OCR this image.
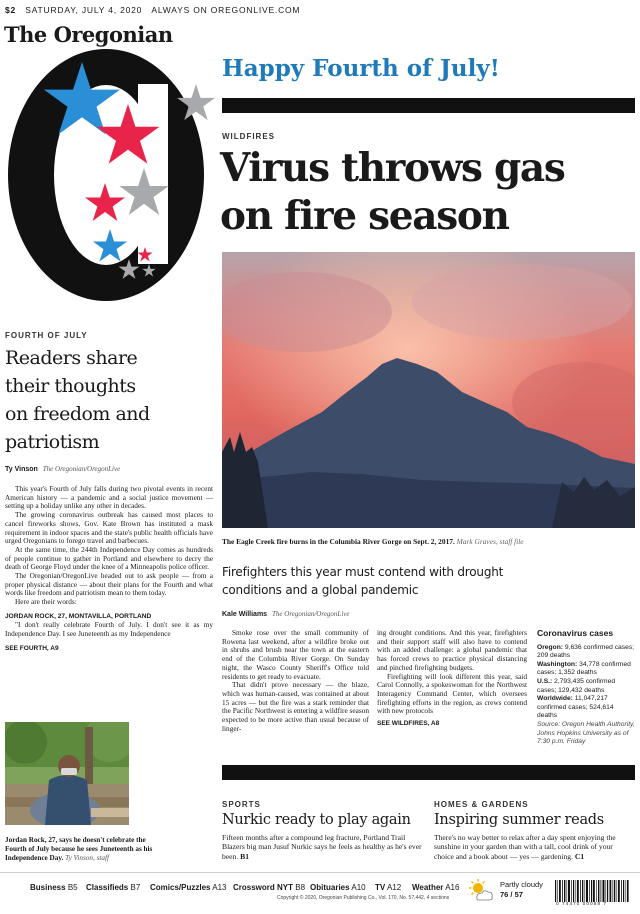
$2 SATURDAY, JULY 4, 2020 ALWAYS ON OREGONLIVE.COM
The Oregonian
Happy Fourth of July!
WILDFIRES
Virus throws gas
on fire season
The Eagle Creek fire burns in the Columbia River Gorge on Sept. 2, 2017. Mark Graves, staff file
Firefighters this year must contend with drought
conditions and a global pandemic
Kale Williams The Oregonian/OregonLive

Smoke rose over the small community of Rowena last weekend, after a wildfire broke out in shrubs and brush near the town at the eastern end of the Columbia River Gorge. On Sunday night, the Wasco County Sheriff's Office told residents to get ready to evacuate.

That didn't prove necessary — the blaze, which was human-caused, was contained at about 15 acres — but the fire was a stark reminder that the Pacific Northwest is entering a wildfire season expected to be more active than usual because of linger-

ing drought conditions. And this year, firefighters and their support staff will also have to contend with an added challenge: a global pandemic that has forced crews to practice physical distancing and pinched firefighting budgets.

Firefighting will look different this year, said Carol Connolly, a spokeswoman for the Northwest Interagency Command Center, which oversees firefighting efforts in the region, as crews contend with new protocols

SEE WILDFIRES, A8
Coronavirus cases
Oregon: 9,636 confirmed cases; 209 deaths
Washington: 34,778 confirmed cases; 1,352 deaths
U.S.: 2,793,435 confirmed cases; 129,432 deaths
Worldwide: 11,047,217 confirmed cases; 524,614 deaths
Source: Oregon Health Authority, Johns Hopkins University as of 7:30 p.m. Friday
FOURTH OF JULY
Readers share
their thoughts
on freedom and
patriotism
Ty Vinson The Oregonian/OregonLive

This year's Fourth of July falls during two pivotal events in recent American history — a pandemic and a social justice movement — setting up a holiday unlike any other in decades.

The growing coronavirus outbreak has caused most places to cancel fireworks shows, Gov. Kate Brown has instituted a mask requirement in indoor spaces and the state's public health officials have urged Oregonians to forego travel and barbecues.

At the same time, the 244th Independence Day comes as hundreds of people continue to gather in Portland and elsewhere to decry the death of George Floyd under the knee of a Minneapolis police officer.

The Oregonian/OregonLive headed out to ask people — from a proper physical distance — about their plans for the Fourth and what words like freedom and patriotism mean to them today.

Here are their words:

JORDAN ROCK, 27, MONTAVILLA, PORTLAND

"I don't really celebrate Fourth of July. I don't see it as my Independence Day. I see Juneteenth as my Independence

SEE FOURTH, A9
Jordan Rock, 27, says he doesn't celebrate the Fourth of July because he sees Juneteenth as his Independence Day. Ty Vinson, staff
SPORTS
Nurkic ready to play again

Fifteen months after a compound leg fracture, Portland Trail Blazers big man Jusuf Nurkic says he feels as healthy as he's ever been. B1

HOMES & GARDENS
Inspiring summer reads

There's no way better to relax after a day spent enjoying the sunshine in your garden than with a tall, cool drink of your choice and a book about — yes — gardening. C1

Business B5 Classifieds B7 Comics/Puzzles A13 Crossword NYT B8 Obituaries A10 TV A12 Weather A16
Copyright © 2020, Oregonian Publishing Co., Vol. 170, No. 57,442, 4 sections
Partly cloudy
76 / 57
0 74470 00088 7
